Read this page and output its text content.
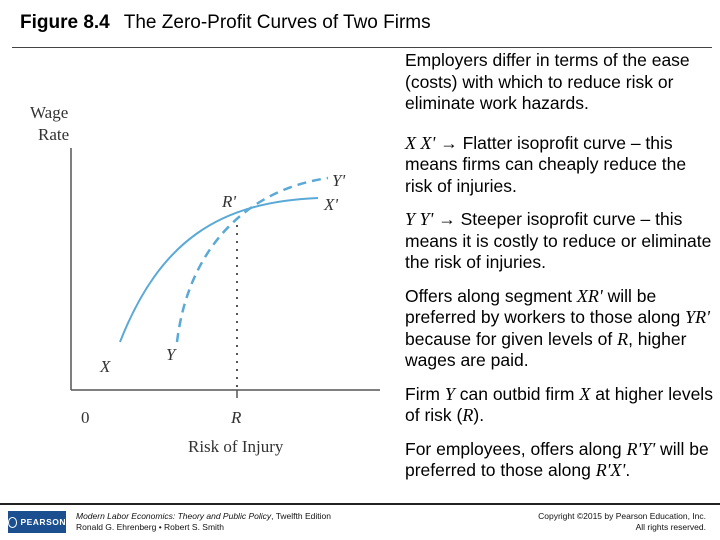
Figure 8.4 The Zero-Profit Curves of Two Firms
Wage
Rate
X
Y
X'
Y'
R'
0	R
Risk of Injury

Employers differ in terms of the ease (costs) with which to reduce risk or eliminate work hazards.

X X' → Flatter isoprofit curve – this means firms can cheaply reduce the risk of injuries.

Y Y' → Steeper isoprofit curve – this means it is costly to reduce or eliminate the risk of injuries.

Offers along segment XR' will be preferred by workers to those along YR' because for given levels of R, higher wages are paid.

Firm Y can outbid firm X at higher levels of risk (R).

For employees, offers along R'Y' will be preferred to those along R'X'.

PEARSON
Modern Labor Economics: Theory and Public Policy, Twelfth Edition
Ronald G. Ehrenberg • Robert S. Smith
Copyright ©2015 by Pearson Education, Inc.
All rights reserved.
